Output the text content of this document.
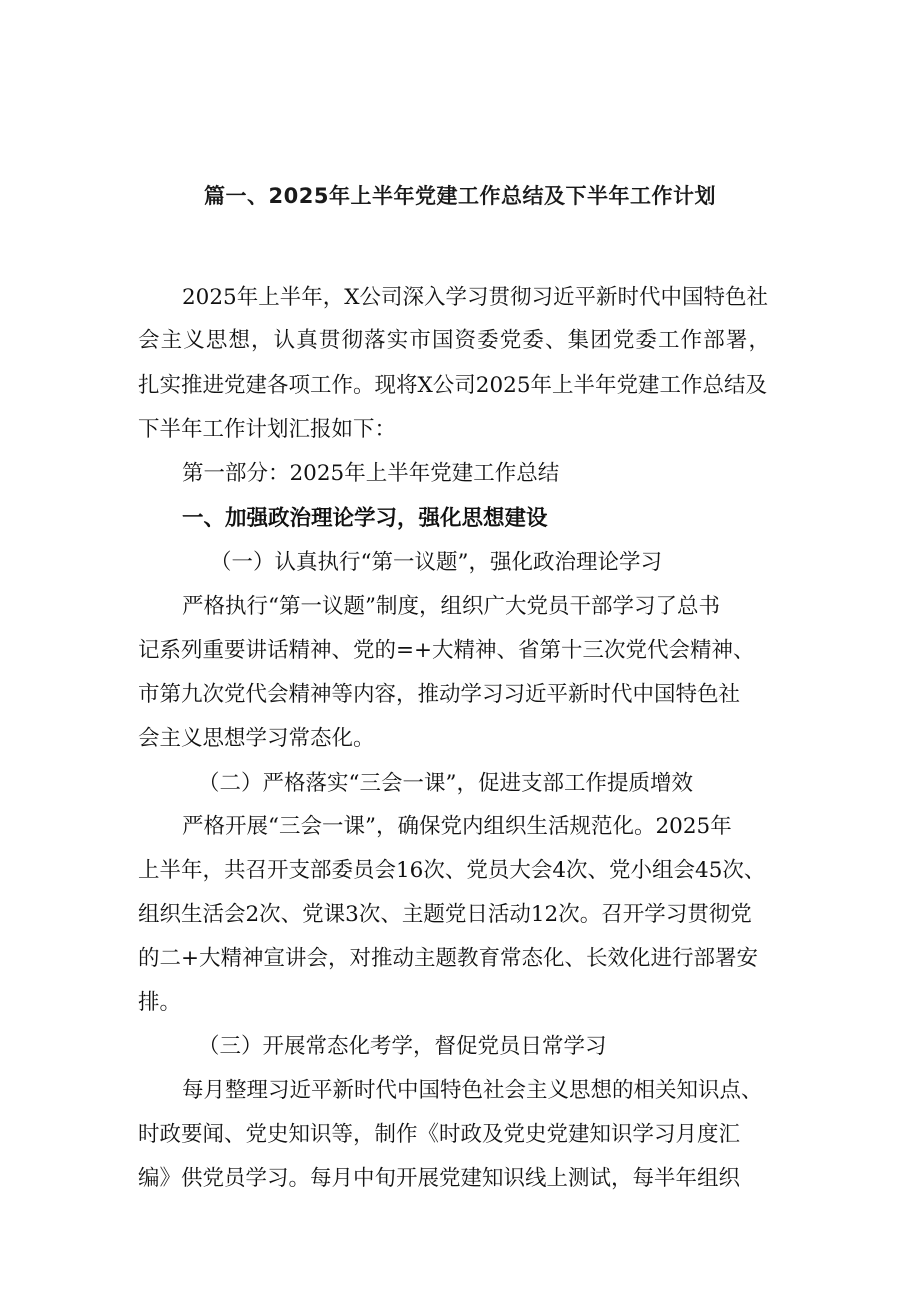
篇一、2025年上半年党建工作总结及下半年工作计划
2025年上半年，X公司深入学习贯彻习近平新时代中国特色社
会主义思想，认真贯彻落实市国资委党委、集团党委工作部署，
扎实推进党建各项工作。现将X公司2025年上半年党建工作总结及
下半年工作计划汇报如下：
第一部分：2025年上半年党建工作总结
一、加强政治理论学习，强化思想建设
（一）认真执行“第一议题”，强化政治理论学习
严格执行“第一议题”制度，组织广大党员干部学习了总书
记系列重要讲话精神、党的=+大精神、省第十三次党代会精神、
市第九次党代会精神等内容，推动学习习近平新时代中国特色社
会主义思想学习常态化。
（二）严格落实“三会一课”，促进支部工作提质增效
严格开展“三会一课”，确保党内组织生活规范化。2025年
上半年，共召开支部委员会16次、党员大会4次、党小组会45次、
组织生活会2次、党课3次、主题党日活动12次。召开学习贯彻党
的二+大精神宣讲会，对推动主题教育常态化、长效化进行部署安
排。
（三）开展常态化考学，督促党员日常学习
每月整理习近平新时代中国特色社会主义思想的相关知识点、
时政要闻、党史知识等，制作《时政及党史党建知识学习月度汇
编》供党员学习。每月中旬开展党建知识线上测试，每半年组织
